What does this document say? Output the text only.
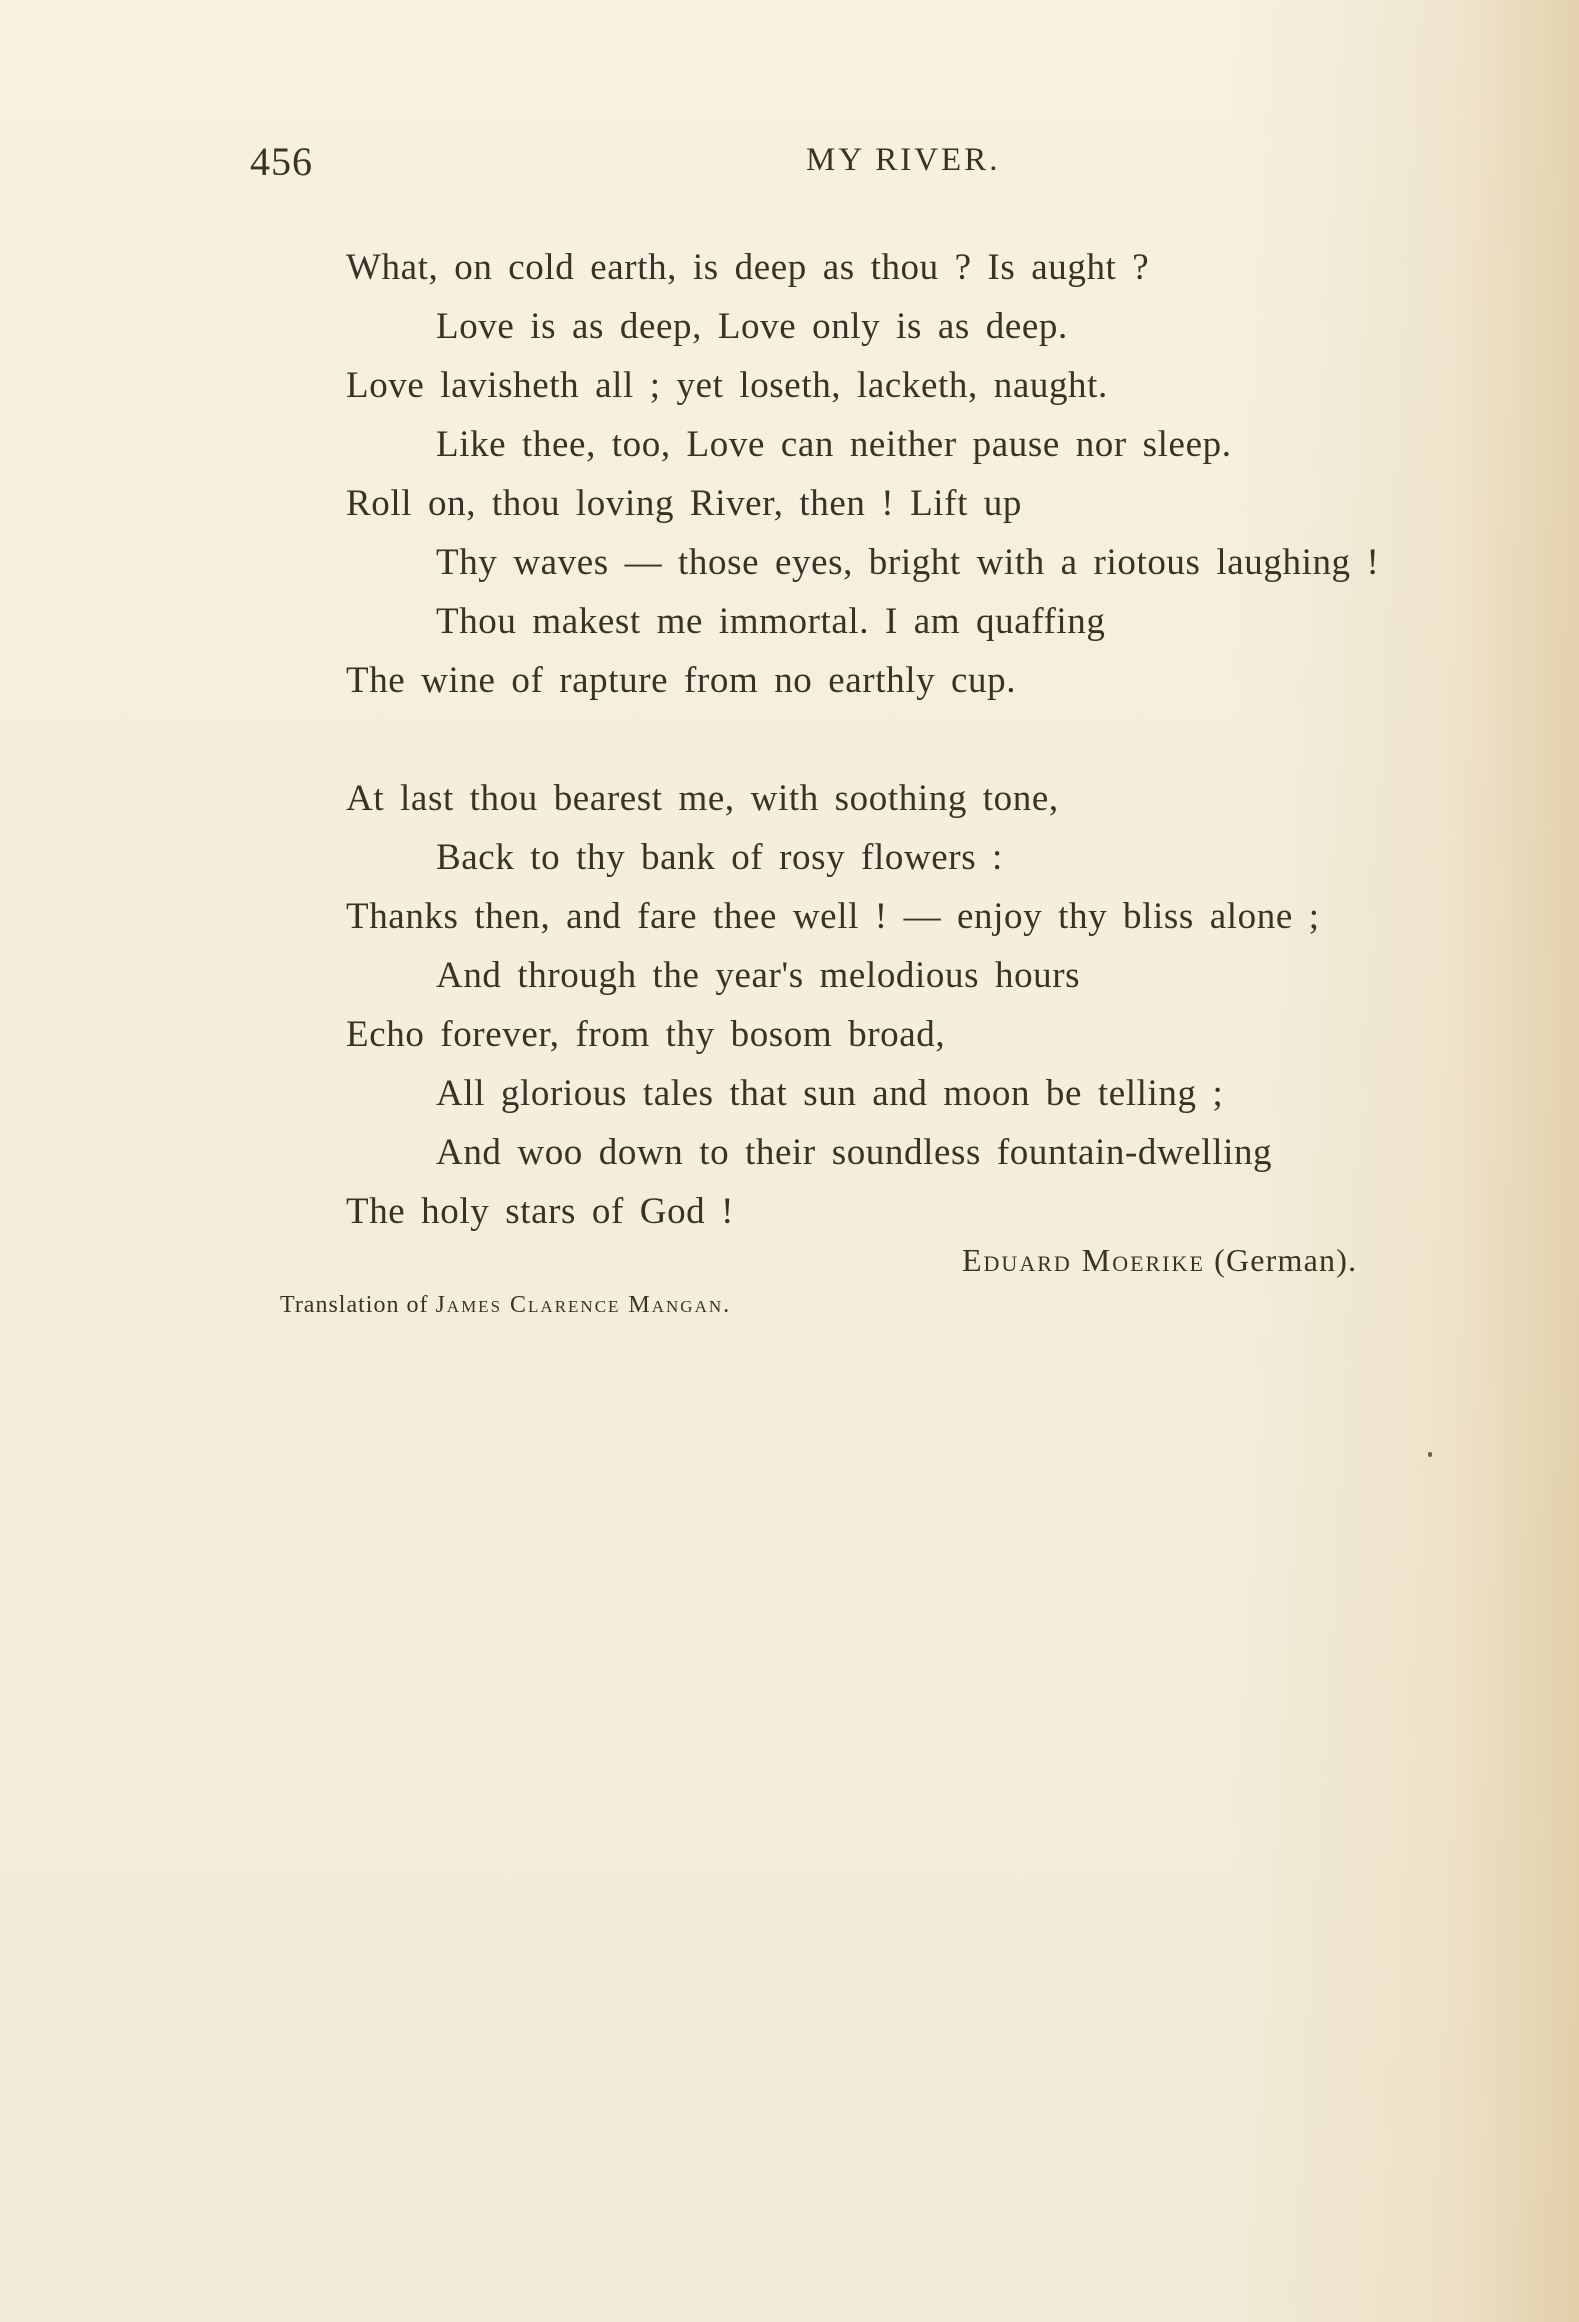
456	MY RIVER.
What, on cold earth, is deep as thou ? Is aught ?
Love is as deep, Love only is as deep.
Love lavisheth all ; yet loseth, lacketh, naught.
Like thee, too, Love can neither pause nor sleep.
Roll on, thou loving River, then ! Lift up
Thy waves — those eyes, bright with a riotous laughing !
Thou makest me immortal. I am quaffing
The wine of rapture from no earthly cup.
At last thou bearest me, with soothing tone,
Back to thy bank of rosy flowers :
Thanks then, and fare thee well ! — enjoy thy bliss alone ;
And through the year's melodious hours
Echo forever, from thy bosom broad,
All glorious tales that sun and moon be telling ;
And woo down to their soundless fountain-dwelling
The holy stars of God !
Eduard Moerike (German).
Translation of James Clarence Mangan.
